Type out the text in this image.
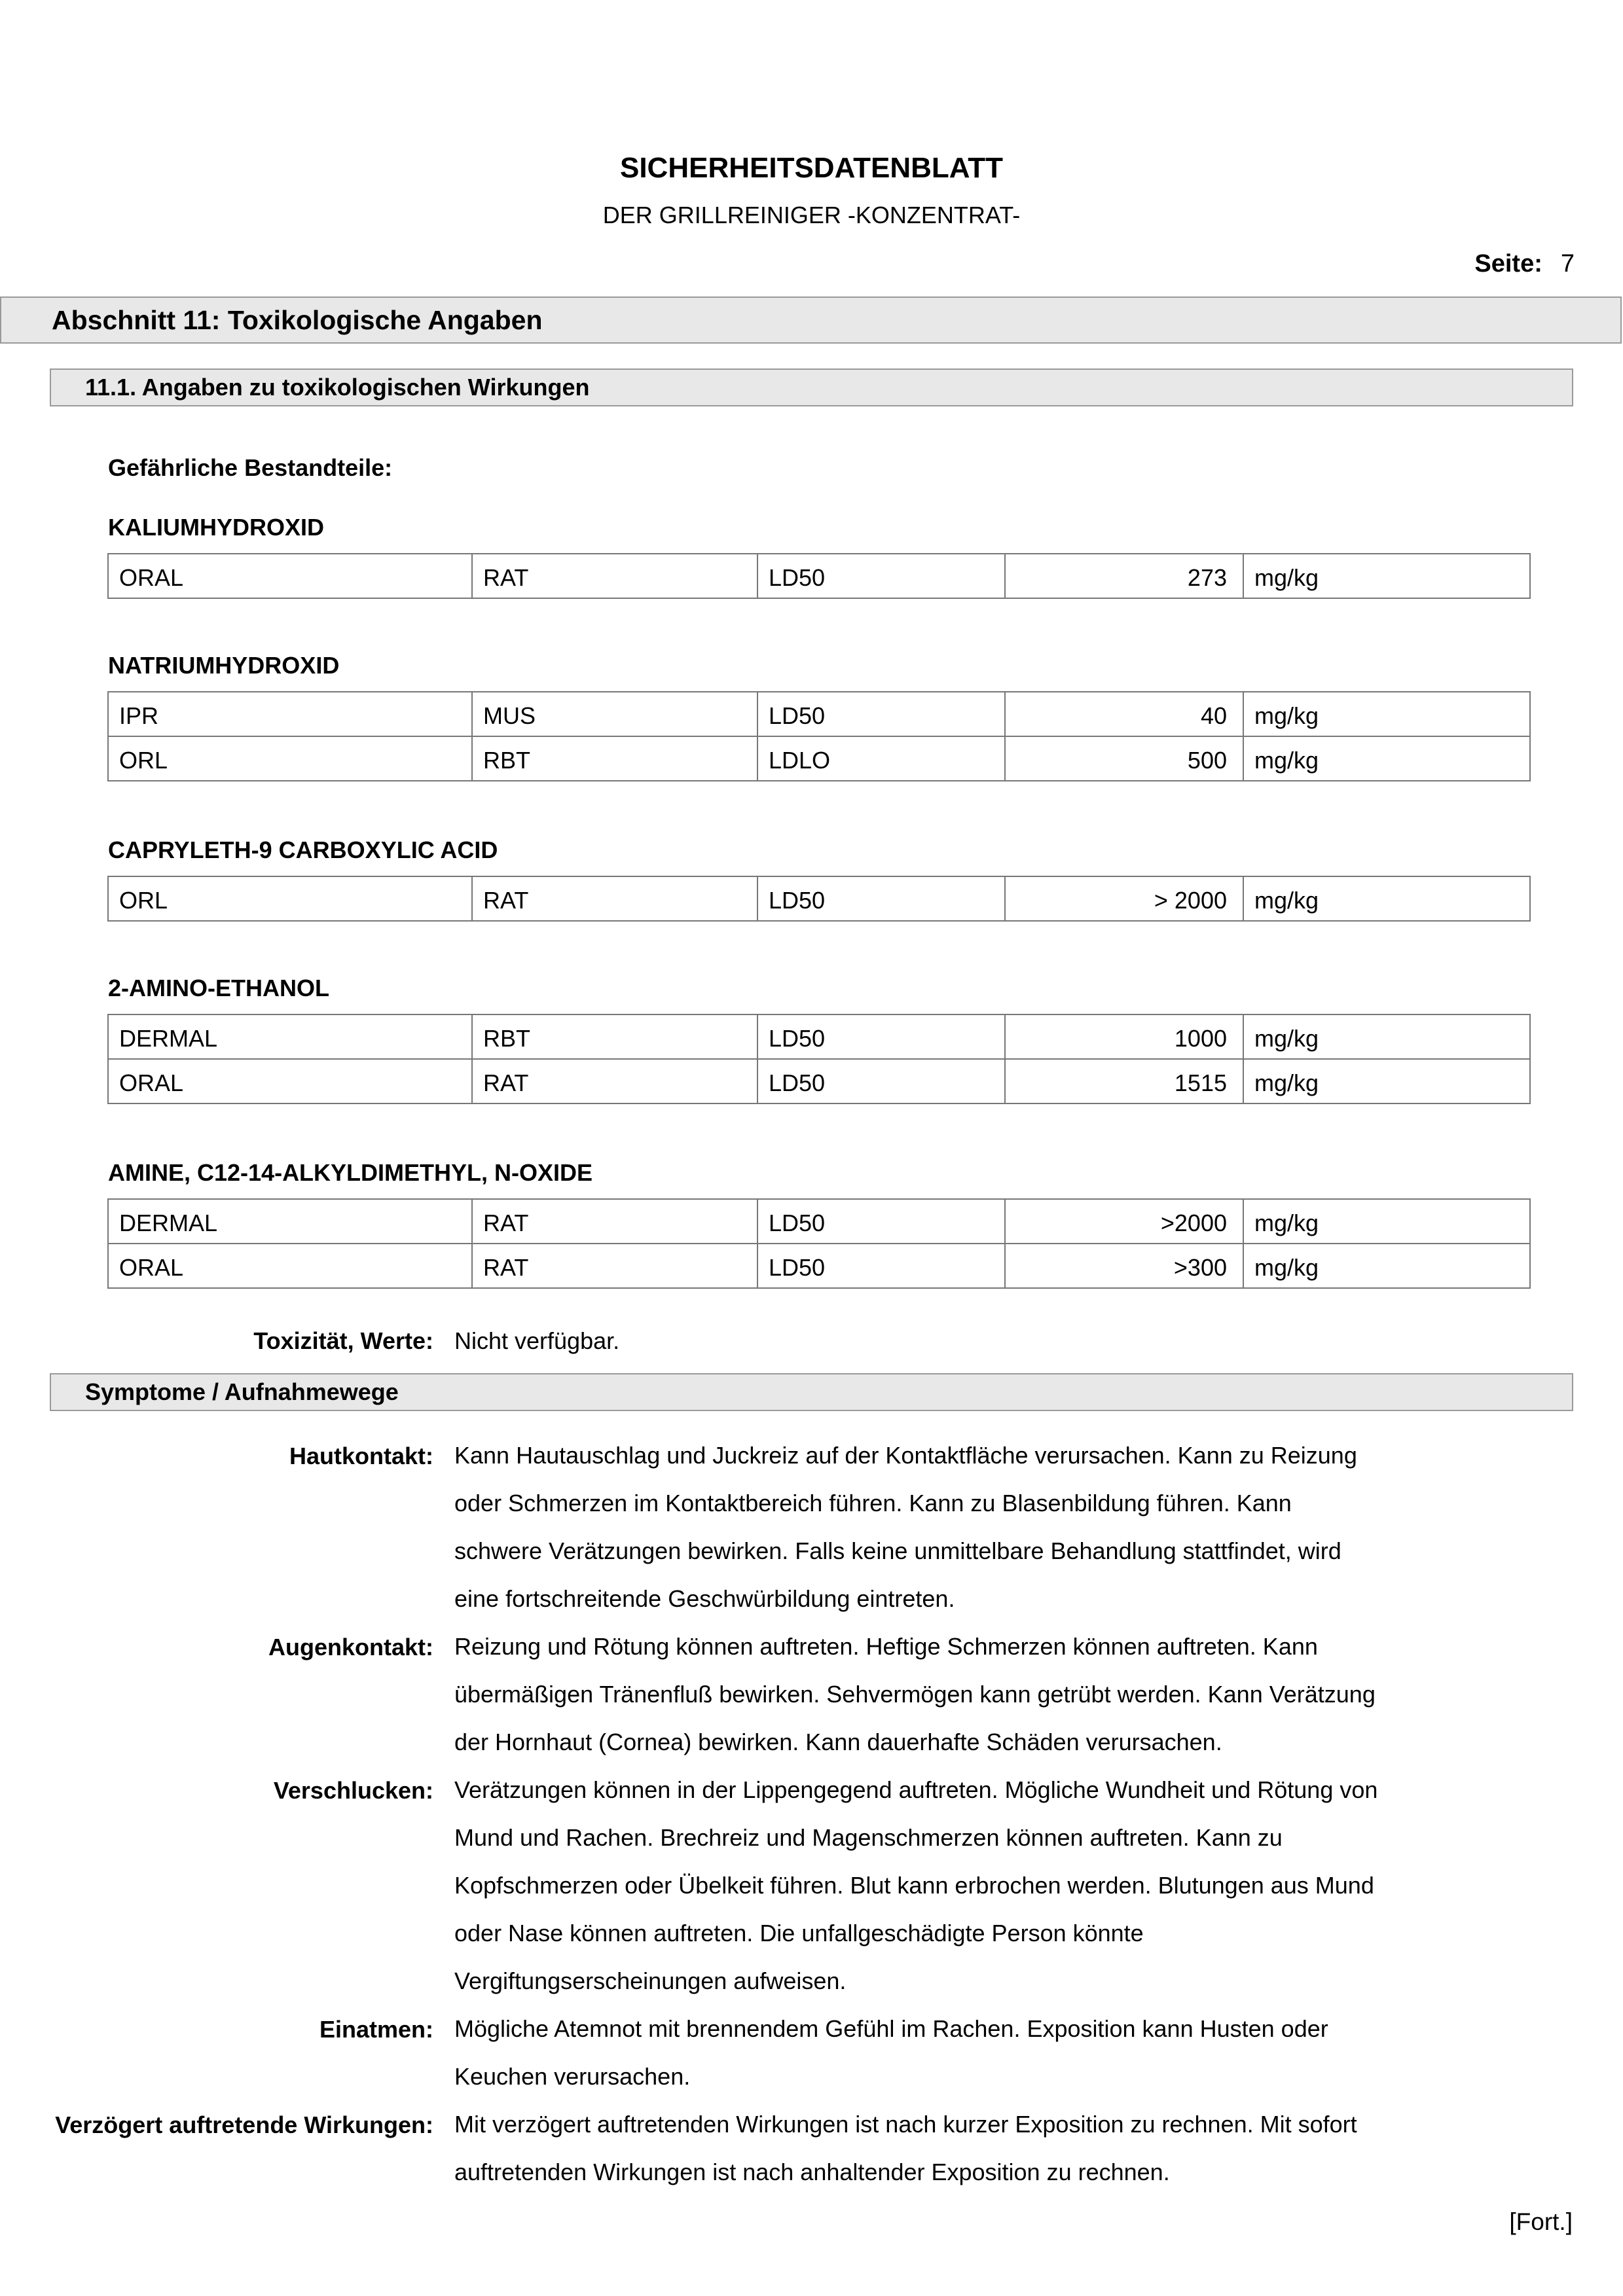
SICHERHEITSDATENBLATT
DER GRILLREINIGER -KONZENTRAT-
Seite: 7
Abschnitt 11: Toxikologische Angaben
11.1. Angaben zu toxikologischen Wirkungen
Gefährliche Bestandteile:
KALIUMHYDROXID
ORAL	RAT	LD50	273	mg/kg
NATRIUMHYDROXID
IPR	MUS	LD50	40	mg/kg
ORL	RBT	LDLO	500	mg/kg
CAPRYLETH-9 CARBOXYLIC ACID
ORL	RAT	LD50	> 2000	mg/kg
2-AMINO-ETHANOL
DERMAL	RBT	LD50	1000	mg/kg
ORAL	RAT	LD50	1515	mg/kg
AMINE, C12-14-ALKYLDIMETHYL, N-OXIDE
DERMAL	RAT	LD50	>2000	mg/kg
ORAL	RAT	LD50	>300	mg/kg
Toxizität, Werte: Nicht verfügbar.
Symptome / Aufnahmewege
Hautkontakt: Kann Hautauschlag und Juckreiz auf der Kontaktfläche verursachen. Kann zu Reizung
oder Schmerzen im Kontaktbereich führen. Kann zu Blasenbildung führen. Kann
schwere Verätzungen bewirken. Falls keine unmittelbare Behandlung stattfindet, wird
eine fortschreitende Geschwürbildung eintreten.
Augenkontakt: Reizung und Rötung können auftreten. Heftige Schmerzen können auftreten. Kann
übermäßigen Tränenfluß bewirken. Sehvermögen kann getrübt werden. Kann Verätzung
der Hornhaut (Cornea) bewirken. Kann dauerhafte Schäden verursachen.
Verschlucken: Verätzungen können in der Lippengegend auftreten. Mögliche Wundheit und Rötung von
Mund und Rachen. Brechreiz und Magenschmerzen können auftreten. Kann zu
Kopfschmerzen oder Übelkeit führen. Blut kann erbrochen werden. Blutungen aus Mund
oder Nase können auftreten. Die unfallgeschädigte Person könnte
Vergiftungserscheinungen aufweisen.
Einatmen: Mögliche Atemnot mit brennendem Gefühl im Rachen. Exposition kann Husten oder
Keuchen verursachen.
Verzögert auftretende Wirkungen: Mit verzögert auftretenden Wirkungen ist nach kurzer Exposition zu rechnen. Mit sofort
auftretenden Wirkungen ist nach anhaltender Exposition zu rechnen.
[Fort.]
